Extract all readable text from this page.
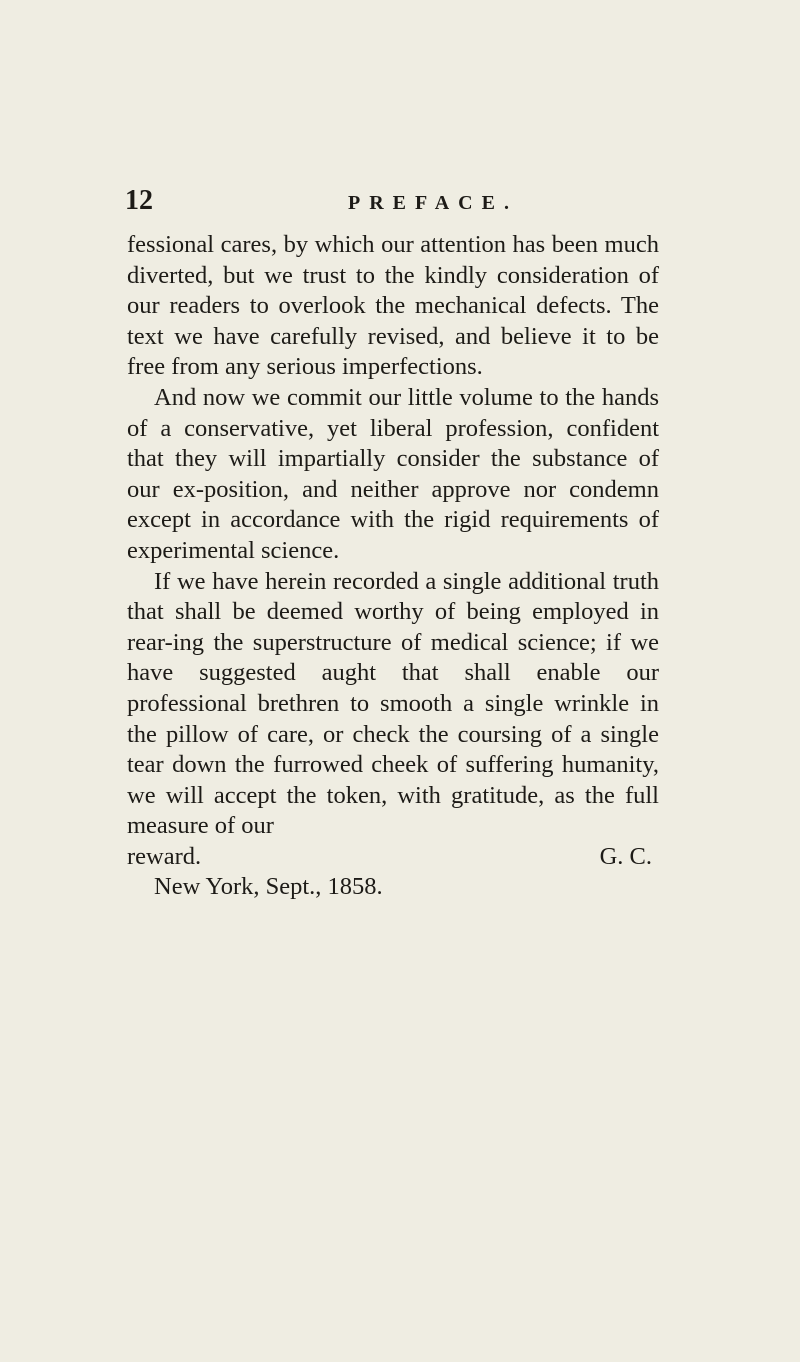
12	PREFACE.

fessional cares, by which our attention has been much diverted, but we trust to the kindly consideration of our readers to overlook the mechanical defects. The text we have carefully revised, and believe it to be free from any serious imperfections.

And now we commit our little volume to the hands of a conservative, yet liberal profession, confident that they will impartially consider the substance of our ex-position, and neither approve nor condemn except in accordance with the rigid requirements of experimental science.

If we have herein recorded a single additional truth that shall be deemed worthy of being employed in rear-ing the superstructure of medical science; if we have suggested aught that shall enable our professional brethren to smooth a single wrinkle in the pillow of care, or check the coursing of a single tear down the furrowed cheek of suffering humanity, we will accept the token, with gratitude, as the full measure of our

reward.	G. C.

New York, Sept., 1858.
